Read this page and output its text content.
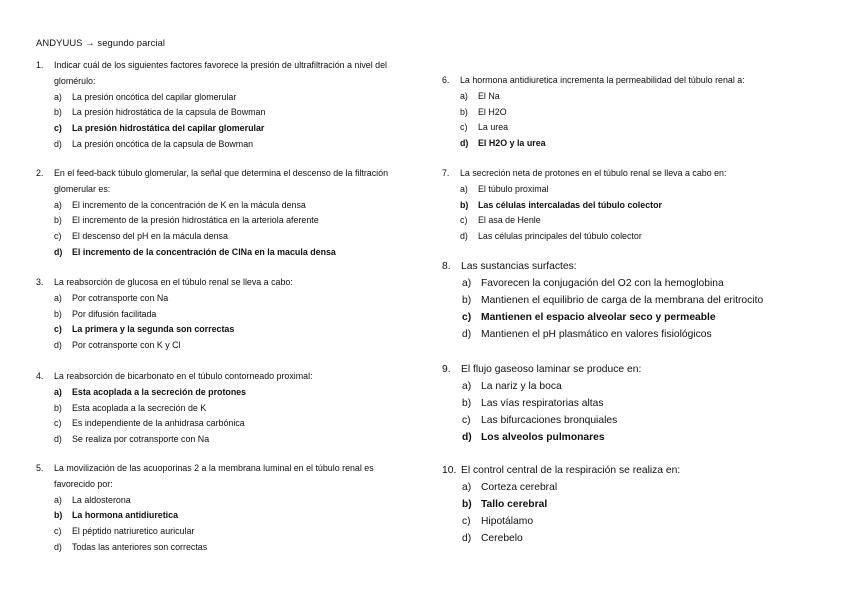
ANDYUUS → segundo parcial
1.	Indicar cuál de los siguientes factores favorece la presión de ultrafiltración a nivel del glomérulo:
a)	La presión oncótica del capilar glomerular
b)	La presión hidrostática de la capsula de Bowman
c)	La presión hidrostática del capilar glomerular
d)	La presión oncótica de la capsula de Bowman
2.	En el feed-back túbulo glomerular, la señal que determina el descenso de la filtración glomerular es:
a)	El incremento de la concentración de K en la mácula densa
b)	El incremento de la presión hidrostática en la arteriola aferente
c)	El descenso del pH en la mácula densa
d)	El incremento de la concentración de ClNa en la macula densa
3.	La reabsorción de glucosa en el túbulo renal se lleva a cabo:
a)	Por cotransporte con Na
b)	Por difusión facilitada
c)	La primera y la segunda son correctas
d)	Por cotransporte con K y Cl
4.	La reabsorción de bicarbonato en el túbulo contorneado proximal:
a)	Esta acoplada a la secreción de protones
b)	Esta acoplada a la secreción de K
c)	Es independiente de la anhidrasa carbónica
d)	Se realiza por cotransporte con Na
5.	La movilización de las acuoporinas 2 a la membrana luminal en el túbulo renal es favorecido por:
a)	La aldosterona
b)	La hormona antidiuretica
c)	El péptido natriuretico auricular
d)	Todas las anteriores son correctas
6.	La hormona antidiuretica incrementa la permeabilidad del túbulo renal a:
a)	El Na
b)	El H2O
c)	La urea
d)	El H2O y la urea
7.	La secreción neta de protones en el túbulo renal se lleva a cabo en:
a)	El túbulo proximal
b)	Las células intercaladas del túbulo colector
c)	El asa de Henle
d)	Las células principales del túbulo colector
8.	Las sustancias surfactes:
a) Favorecen la conjugación del O2 con la hemoglobina
b) Mantienen el equilibrio de carga de la membrana del eritrocito
c) Mantienen el espacio alveolar seco y permeable
d) Mantienen el pH plasmático en valores fisiológicos
9.	El flujo gaseoso laminar se produce en:
a) La nariz y la boca
b) Las vías respiratorias altas
c)	Las bifurcaciones bronquiales
d) Los alveolos pulmonares
10. El control central de la respiración se realiza en:
a) Corteza cerebral
b) Tallo cerebral
c)	Hipotálamo
d) Cerebelo
